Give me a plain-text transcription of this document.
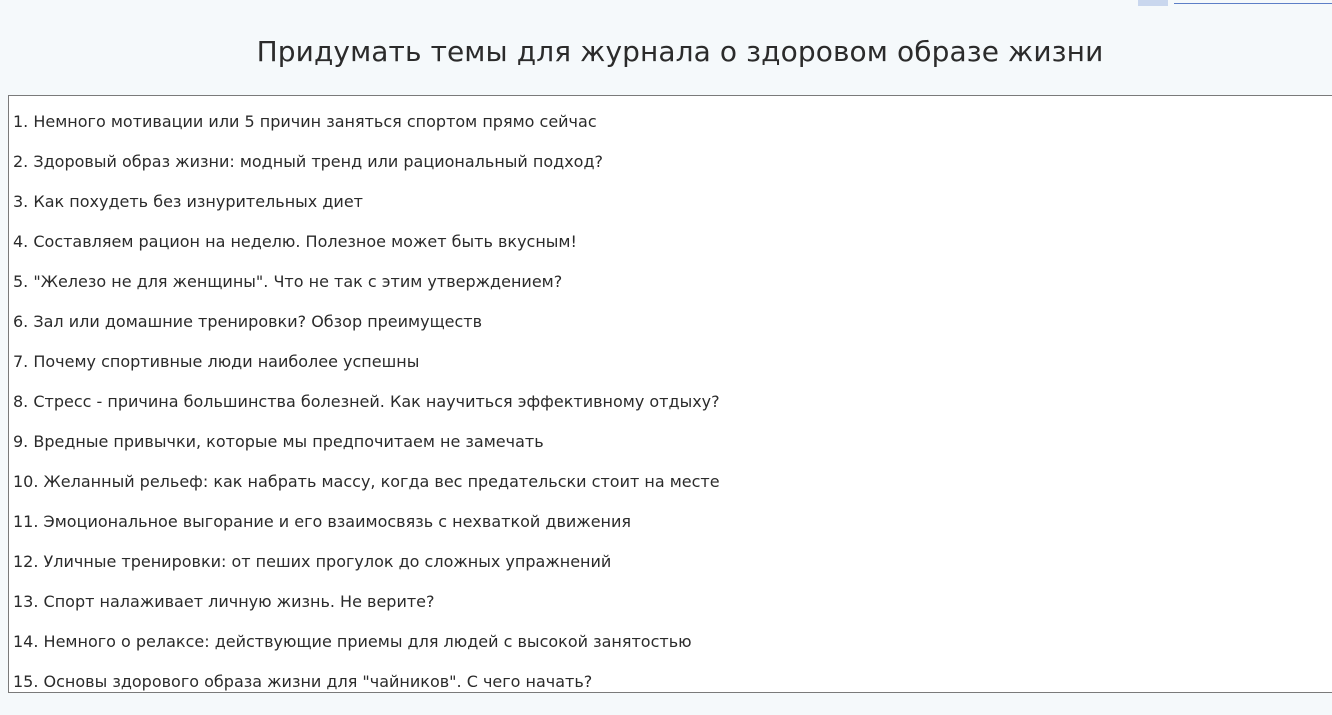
Придумать темы для журнала о здоровом образе жизни
1. Немного мотивации или 5 причин заняться спортом прямо сейчас
2. Здоровый образ жизни: модный тренд или рациональный подход?
3. Как похудеть без изнурительных диет
4. Составляем рацион на неделю. Полезное может быть вкусным!
5. "Железо не для женщины". Что не так с этим утверждением?
6. Зал или домашние тренировки? Обзор преимуществ
7. Почему спортивные люди наиболее успешны
8. Стресс - причина большинства болезней. Как научиться эффективному отдыху?
9. Вредные привычки, которые мы предпочитаем не замечать
10. Желанный рельеф: как набрать массу, когда вес предательски стоит на месте
11. Эмоциональное выгорание и его взаимосвязь с нехваткой движения
12. Уличные тренировки: от пеших прогулок до сложных упражнений
13. Спорт налаживает личную жизнь. Не верите?
14. Немного о релаксе: действующие приемы для людей с высокой занятостью
15. Основы здорового образа жизни для "чайников". С чего начать?
